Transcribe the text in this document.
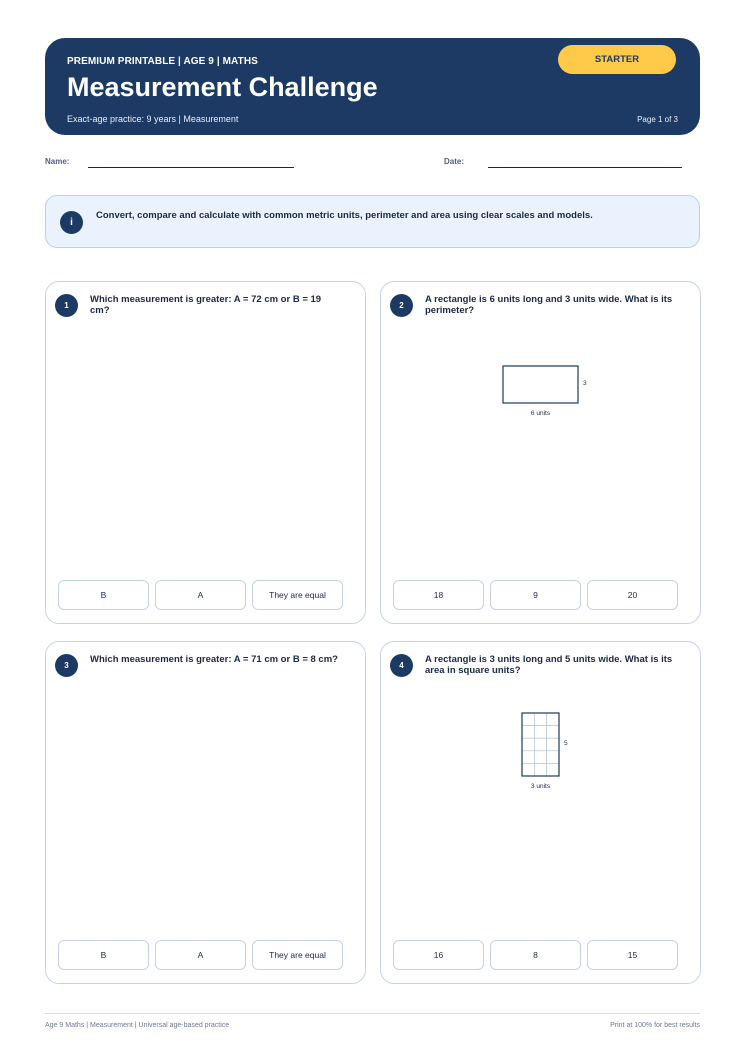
PREMIUM PRINTABLE | AGE 9 | MATHS
Measurement Challenge
Exact-age practice: 9 years | Measurement	Page 1 of 3
STARTER
Name:	Date:
i
Convert, compare and calculate with common metric units, perimeter and area using clear scales and models.
1
Which measurement is greater: A = 72 cm or B = 19 cm?
B	A	They are equal
2
A rectangle is 6 units long and 3 units wide. What is its perimeter?
3
6 units
18	9	20
3
Which measurement is greater: A = 71 cm or B = 8 cm?
B	A	They are equal
4
A rectangle is 3 units long and 5 units wide. What is its area in square units?
5
3 units
16	8	15
Age 9 Maths | Measurement | Universal age-based practice	Print at 100% for best results
